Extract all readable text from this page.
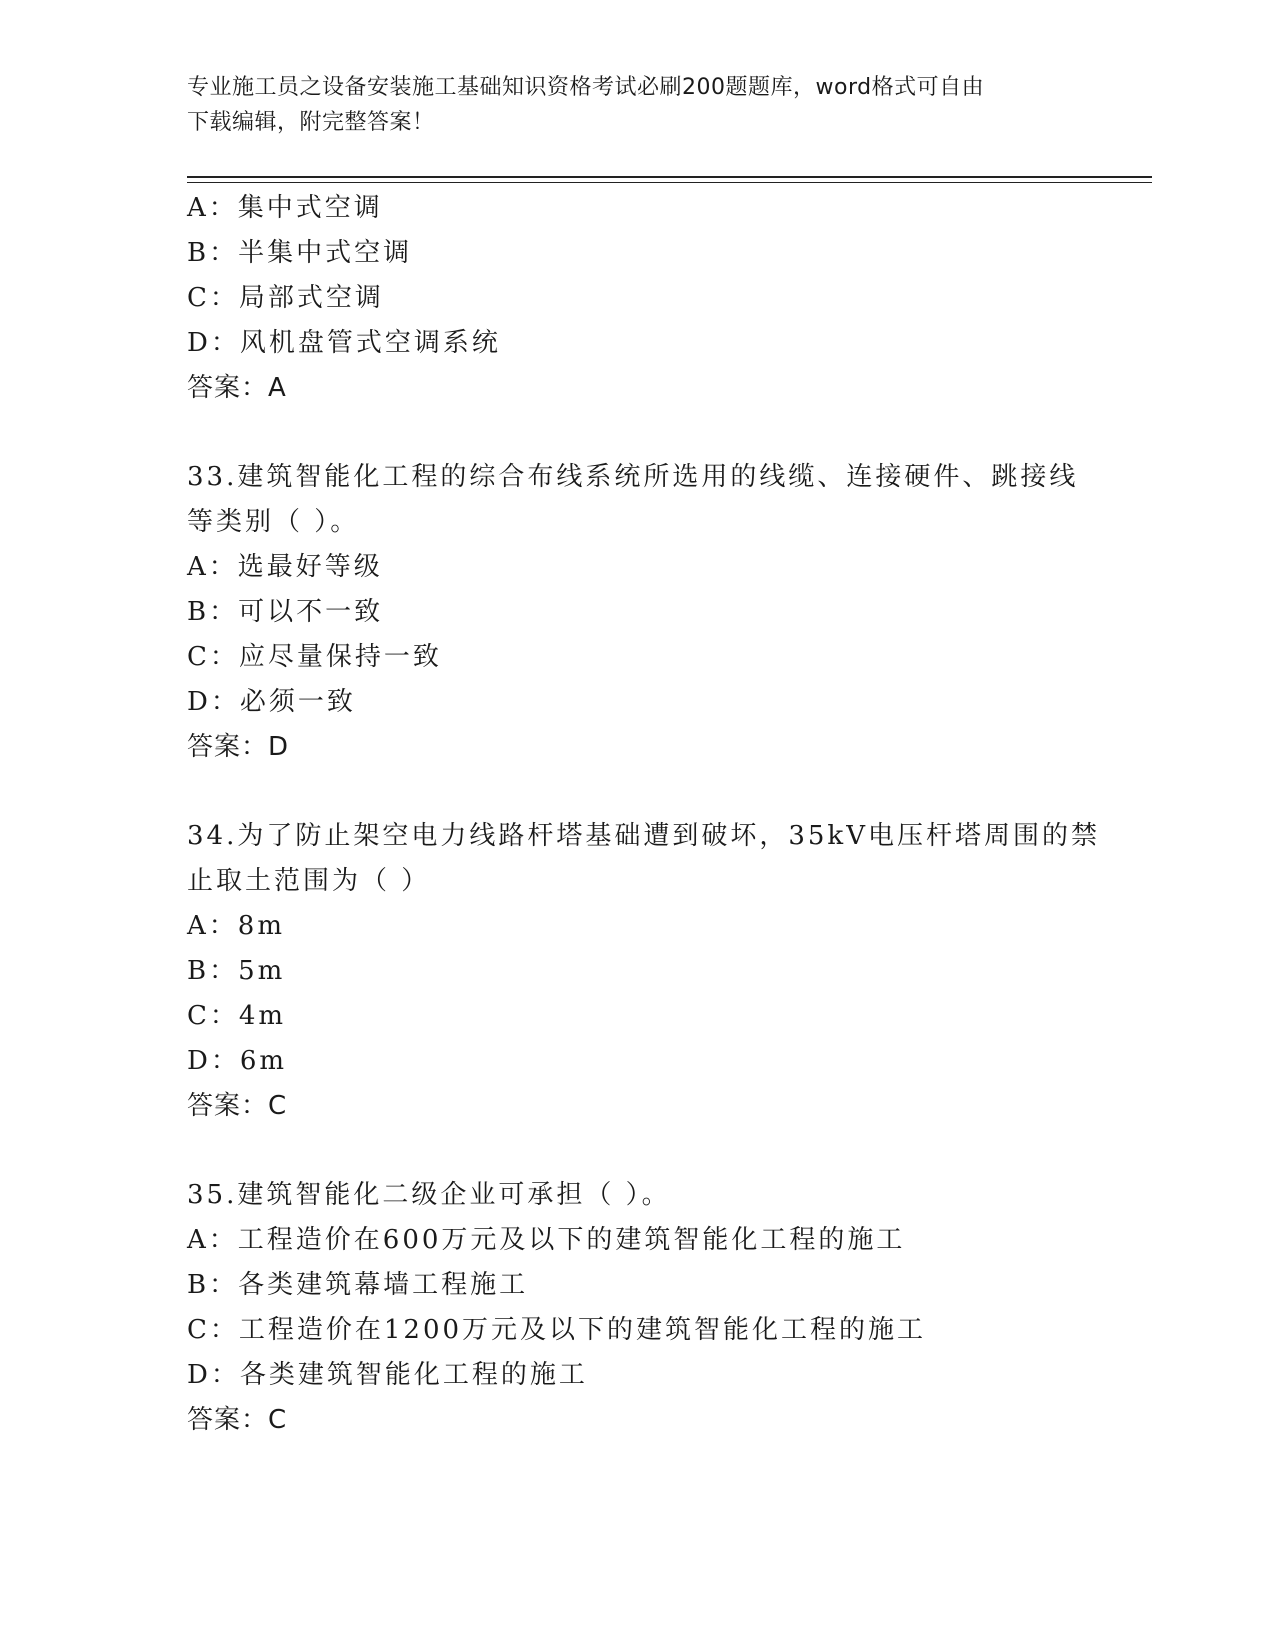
专业施工员之设备安装施工基础知识资格考试必刷200题题库，word格式可自由
下载编辑，附完整答案！
A：集中式空调
B：半集中式空调
C：局部式空调
D：风机盘管式空调系统
答案：A
33.建筑智能化工程的综合布线系统所选用的线缆、连接硬件、跳接线
等类别（ ）。
A：选最好等级
B：可以不一致
C：应尽量保持一致
D：必须一致
答案：D
34.为了防止架空电力线路杆塔基础遭到破坏，35kV电压杆塔周围的禁
止取土范围为（ ）
A：8m
B：5m
C：4m
D：6m
答案：C
35.建筑智能化二级企业可承担（ ）。
A：工程造价在600万元及以下的建筑智能化工程的施工
B：各类建筑幕墙工程施工
C：工程造价在1200万元及以下的建筑智能化工程的施工
D：各类建筑智能化工程的施工
答案：C
